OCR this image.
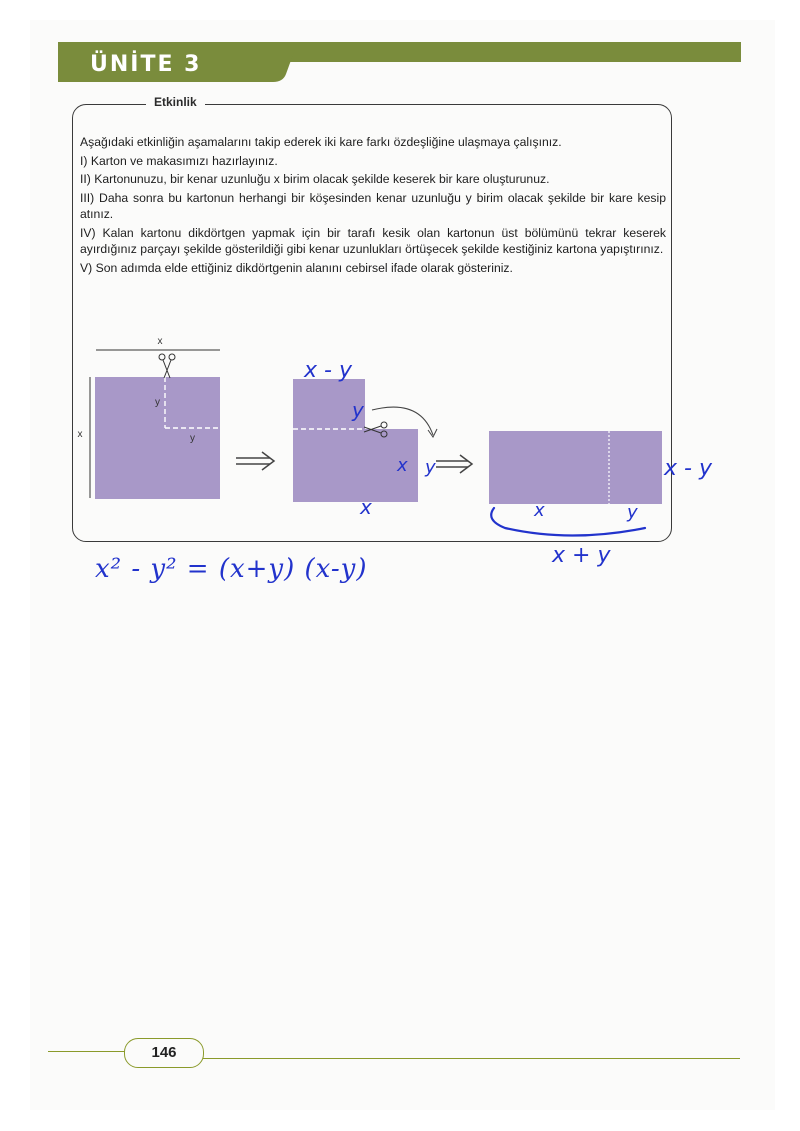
ÜNİTE 3
Etkinlik

Aşağıdaki etkinliğin aşamalarını takip ederek iki kare farkı özdeşliğine ulaşmaya çalışınız.

I) Karton ve makasımızı hazırlayınız.

II) Kartonunuzu, bir kenar uzunluğu x birim olacak şekilde keserek bir kare oluşturunuz.

III) Daha sonra bu kartonun herhangi bir köşesinden kenar uzunluğu y birim olacak şekilde bir kare kesip atınız.

IV) Kalan kartonu dikdörtgen yapmak için bir tarafı kesik olan kartonun üst bölümünü tekrar keserek ayırdığınız parçayı şekilde gösterildiği gibi kenar uzunlukları örtüşecek şekilde kestiğiniz kartona yapıştırınız.

V) Son adımda elde ettiğiniz dikdörtgenin alanını cebirsel ifade olarak gösteriniz.

x
x
y
y
x - y
y
x y
x
x - y
x	y
x + y
x² - y² = (x+y) (x-y)
146
